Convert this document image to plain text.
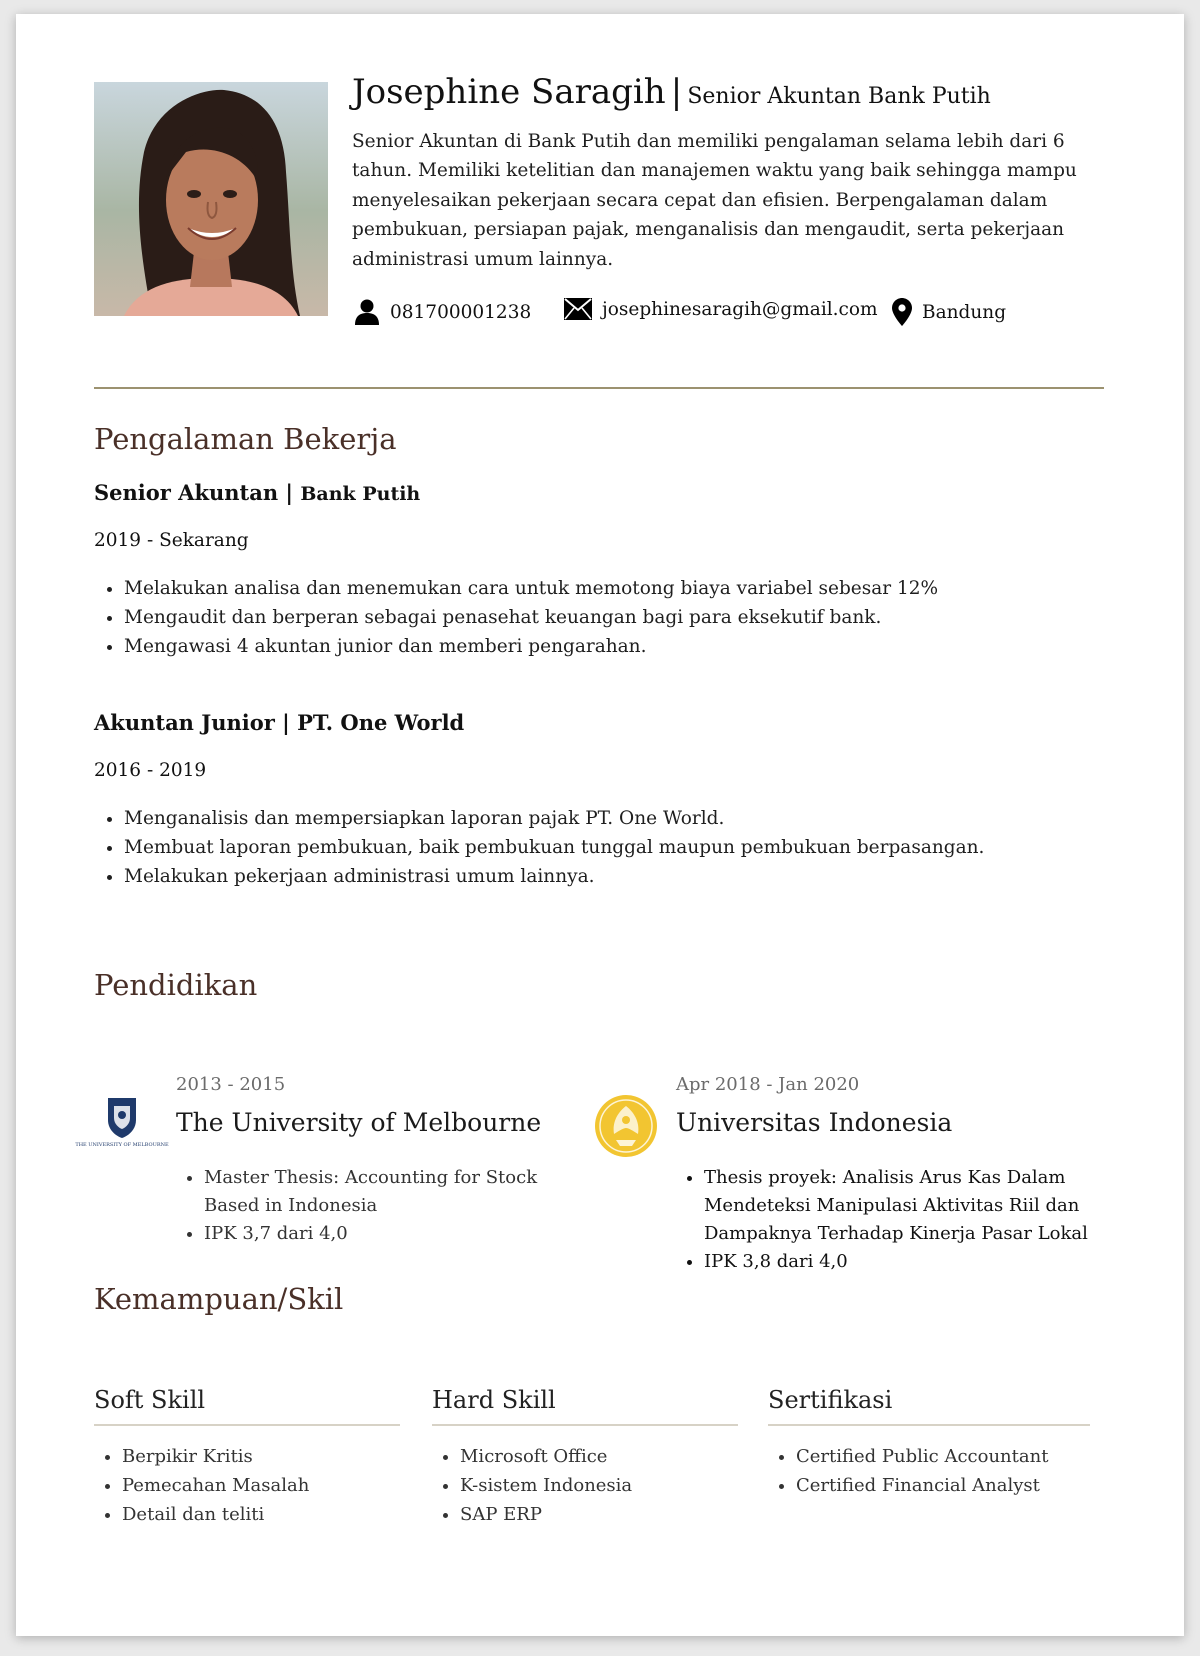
Josephine Saragih | Senior Akuntan Bank Putih

Senior Akuntan di Bank Putih dan memiliki pengalaman selama lebih dari 6 tahun. Memiliki ketelitian dan manajemen waktu yang baik sehingga mampu menyelesaikan pekerjaan secara cepat dan efisien. Berpengalaman dalam pembukuan, persiapan pajak, menganalisis dan mengaudit, serta pekerjaan administrasi umum lainnya.

081700001238	josephinesaragih@gmail.com Bandung
Pengalaman Bekerja

Senior Akuntan | Bank Putih

2019 - Sekarang

• Melakukan analisa dan menemukan cara untuk memotong biaya variabel sebesar 12%
• Mengaudit dan berperan sebagai penasehat keuangan bagi para eksekutif bank.
• Mengawasi 4 akuntan junior dan memberi pengarahan.

Akuntan Junior | PT. One World

2016 - 2019

• Menganalisis dan mempersiapkan laporan pajak PT. One World.
• Membuat laporan pembukuan, baik pembukuan tunggal maupun pembukuan berpasangan.
• Melakukan pekerjaan administrasi umum lainnya.
Pendidikan
THE UNIVERSITY OF MELBOURNE

2013 - 2015

The University of Melbourne
• Master Thesis: Accounting for Stock Based in Indonesia
• IPK 3,7 dari 4,0

Apr 2018 - Jan 2020

Universitas Indonesia
• Thesis proyek: Analisis Arus Kas Dalam Mendeteksi Manipulasi Aktivitas Riil dan Dampaknya Terhadap Kinerja Pasar Lokal
• IPK 3,8 dari 4,0
Kemampuan/Skil
Soft Skill
• Berpikir Kritis
• Pemecahan Masalah
• Detail dan teliti
Hard Skill
• Microsoft Office
• K-sistem Indonesia
• SAP ERP
Sertifikasi
• Certified Public Accountant
• Certified Financial Analyst
